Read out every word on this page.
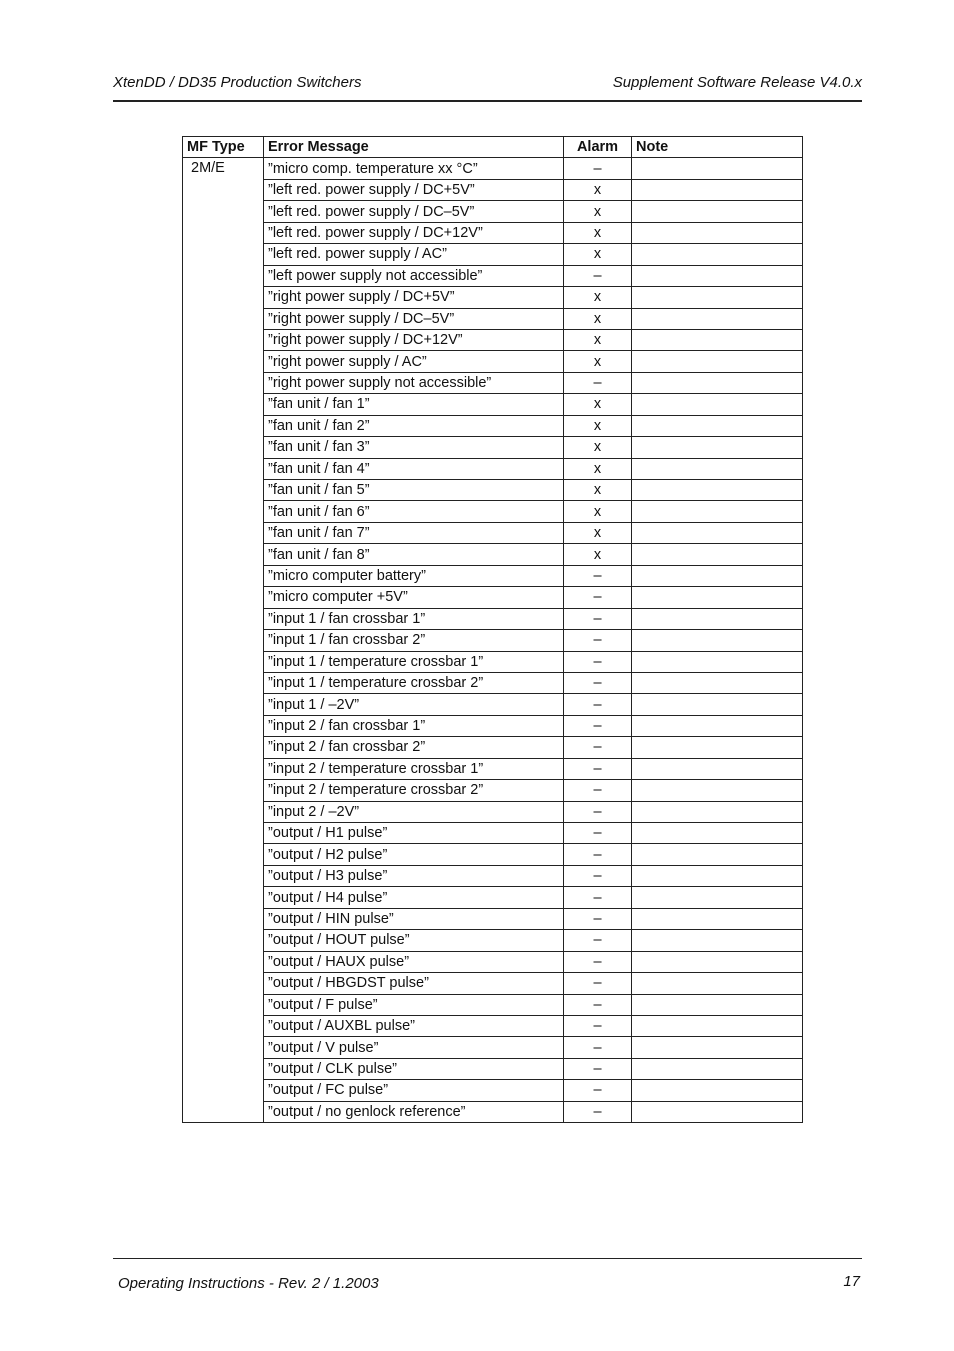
XtenDD / DD35 Production Switchers	Supplement Software Release V4.0.x
MF Type	Error Message	Alarm	Note
2M/E	”micro comp. temperature xx °C”	–	
	”left red. power supply / DC+5V”	x	
	”left red. power supply / DC–5V”	x	
	”left red. power supply / DC+12V”	x	
	”left red. power supply / AC”	x	
	”left power supply not accessible”	–	
	”right power supply / DC+5V”	x	
	”right power supply / DC–5V”	x	
	”right power supply / DC+12V”	x	
	”right power supply / AC”	x	
	”right power supply not accessible”	–	
	”fan unit / fan 1”	x	
	”fan unit / fan 2”	x	
	”fan unit / fan 3”	x	
	”fan unit / fan 4”	x	
	”fan unit / fan 5”	x	
	”fan unit / fan 6”	x	
	”fan unit / fan 7”	x	
	”fan unit / fan 8”	x	
	”micro computer battery”	–	
	”micro computer +5V”	–	
	”input 1 / fan crossbar 1”	–	
	”input 1 / fan crossbar 2”	–	
	”input 1 / temperature crossbar 1”	–	
	”input 1 / temperature crossbar 2”	–	
	”input 1 / –2V”	–	
	”input 2 / fan crossbar 1”	–	
	”input 2 / fan crossbar 2”	–	
	”input 2 / temperature crossbar 1”	–	
	”input 2 / temperature crossbar 2”	–	
	”input 2 / –2V”	–	
	”output / H1 pulse”	–	
	”output / H2 pulse”	–	
	”output / H3 pulse”	–	
	”output / H4 pulse”	–	
	”output / HIN pulse”	–	
	”output / HOUT pulse”	–	
	”output / HAUX pulse”	–	
	”output / HBGDST pulse”	–	
	”output / F pulse”	–	
	”output / AUXBL pulse”	–	
	”output / V pulse”	–	
	”output / CLK pulse”	–	
	”output / FC pulse”	–	
	”output / no genlock reference”	–	
Operating Instructions - Rev. 2 / 1.2003	17
